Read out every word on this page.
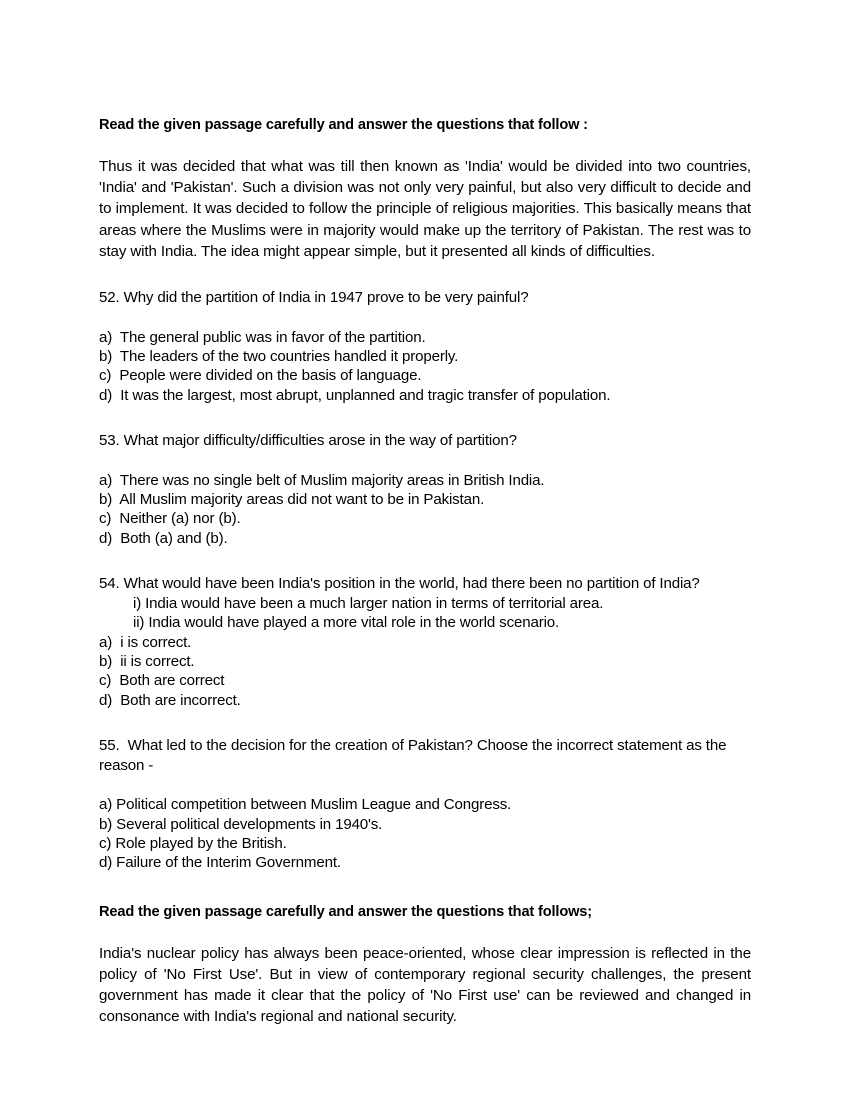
Read the given passage carefully and answer the questions that follow :

Thus it was decided that what was till then known as 'India' would be divided into two countries, 'India' and 'Pakistan'. Such a division was not only very painful, but also very difficult to decide and to implement. It was decided to follow the principle of religious majorities. This basically means that areas where the Muslims were in majority would make up the territory of Pakistan. The rest was to stay with India. The idea might appear simple, but it presented all kinds of difficulties.

52. Why did the partition of India in 1947 prove to be very painful?

a)  The general public was in favor of the partition.
b)  The leaders of the two countries handled it properly.
c)  People were divided on the basis of language.
d)  It was the largest, most abrupt, unplanned and tragic transfer of population.

53. What major difficulty/difficulties arose in the way of partition?

a)  There was no single belt of Muslim majority areas in British India.
b)  All Muslim majority areas did not want to be in Pakistan.
c)  Neither (a) nor (b).
d)  Both (a) and (b).

54. What would have been India's position in the world, had there been no partition of India?

i) India would have been a much larger nation in terms of territorial area.
ii) India would have played a more vital role in the world scenario.
a)  i is correct.
b)  ii is correct.
c)  Both are correct
d)  Both are incorrect.

55. What led to the decision for the creation of Pakistan? Choose the incorrect statement as the reason -

a) Political competition between Muslim League and Congress.
b) Several political developments in 1940's.
c) Role played by the British.
d) Failure of the Interim Government.
Read the given passage carefully and answer the questions that follows;

India's nuclear policy has always been peace-oriented, whose clear impression is reflected in the policy of 'No First Use'. But in view of contemporary regional security challenges, the present government has made it clear that the policy of 'No First use' can be reviewed and changed in consonance with India's regional and national security.
